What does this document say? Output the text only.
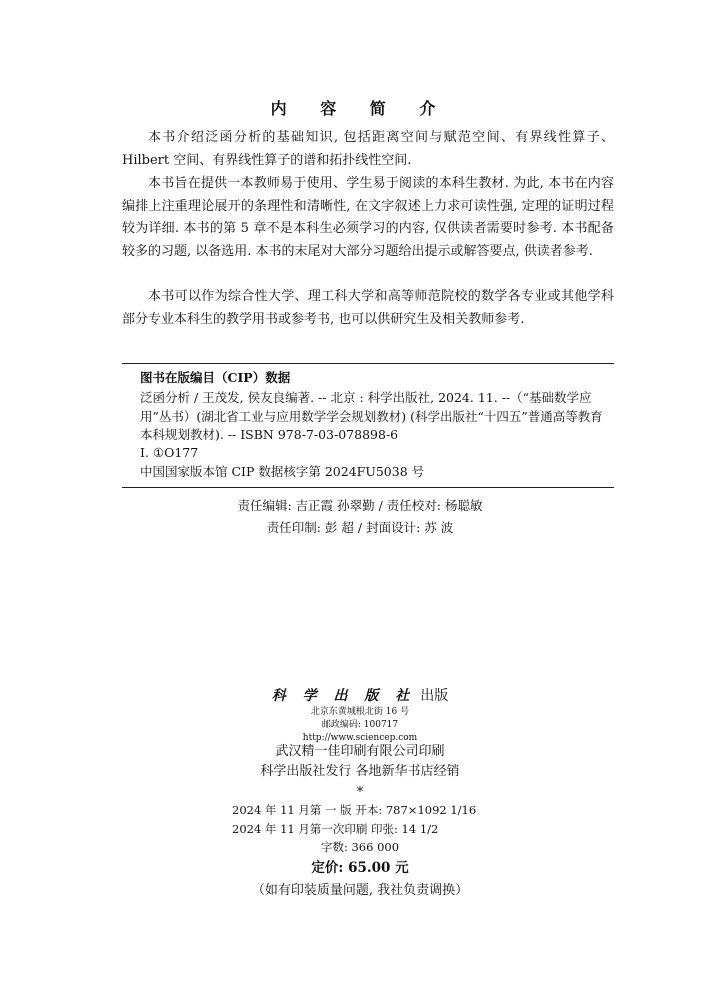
内 容 简 介

本书介绍泛函分析的基础知识, 包括距离空间与赋范空间、有界线性算子、Hilbert 空间、有界线性算子的谱和拓扑线性空间.

本书旨在提供一本教师易于使用、学生易于阅读的本科生教材. 为此, 本书在内容编排上注重理论展开的条理性和清晰性, 在文字叙述上力求可读性强, 定理的证明过程较为详细. 本书的第 5 章不是本科生必须学习的内容, 仅供读者需要时参考. 本书配备较多的习题, 以备选用. 本书的末尾对大部分习题给出提示或解答要点, 供读者参考.

本书可以作为综合性大学、理工科大学和高等师范院校的数学各专业或其他学科部分专业本科生的教学用书或参考书, 也可以供研究生及相关教师参考.

图书在版编目（CIP）数据

泛函分析 / 王茂发, 侯友良编著. -- 北京 : 科学出版社, 2024. 11. --（“基础数学应用”丛书）(湖北省工业与应用数学学会规划教材) (科学出版社“十四五”普通高等教育本科规划教材). -- ISBN 978-7-03-078898-6

Ⅰ. ①O177
中国国家版本馆 CIP 数据核字第 2024FU5038 号
责任编辑: 吉正霞 孙翠勤 / 责任校对: 杨聪敏
责任印制: 彭 超 / 封面设计: 苏 波
科 学 出 版 社 出版
北京东黄城根北街 16 号
邮政编码: 100717
http://www.sciencep.com
武汉精一佳印刷有限公司印刷
科学出版社发行 各地新华书店经销
*
2024 年 11 月第 一 版 开本: 787×1092 1/16
2024 年 11 月第一次印刷 印张: 14 1/2
字数: 366 000
定价: 65.00 元
（如有印装质量问题, 我社负责调换）
